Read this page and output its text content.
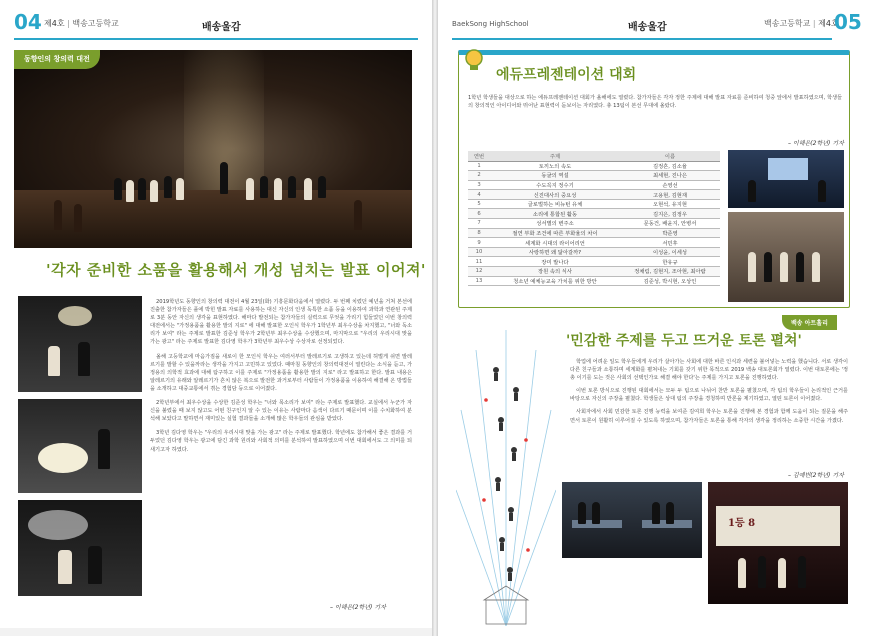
04 제4호 | 백송고등학교	배송울감
동향인의 창의력 대전
'각자 준비한 소품을 활용해서 개성 넘치는 발표 이어져'

2019학년도 동향인의 창의력 대전이 4월 23일(화) 기흥문화다움에서 열렸다. 두 번째 치렀던 예년을 거쳐 본선에 진출한 참가자들은 플에 박힌 발표 자료를 사용하는 대신 자신의 인생 독특한 소품 등을 이용하여 과학과 연관된 주제로 3분 동안 자신의 생각을 표현하였다. 해마다 발전되는 참가자들의 실력으로 무엇을 가리기 힘들었던 이번 창의력 대전에서는 "가정용품을 활용한 발의 지로" 에 대해 발표한 오인식 학우가 1학년부 최우수상을 차지했고, "너와 독소리가 보여" 라는 주제로 발표한 김준성 학우가 2학년부 최우수상을 수상했으며, 마지막으로 "우리의 우리시대 맞을 가는 광고" 라는 주제로 발표한 김다영 학우가 3학년부 최우수상 수상자로 선정되었다.

올해 고등학교에 마음가짐을 새로이 한 모인식 학우는 여러서부터 발레르기로 고생하고 있는데 허벌게 쉬면 발레르기를 발할 수 있을까라는 생각을 가지고 고민하고 있었다. 때마침 동향인의 창의력대전이 열린다는 소식을 듣고, 가정용의 의학적 효과에 대해 탐구하고 이를 주제로 "가정용품을 활용한 발의 지로" 라고 발표하고 한다. 발표 내용은 알레르기의 유래와 알레르기가 흔치 않은 복으로 발전한 과거로부터 사람들이 가정용품을 이용하여 해결해 온 방법들을 소개하고 대중교통에서 겪는 경험담 등으로 이어졌다.

2학년부에서 최우수상을 수상한 김준성 학우는 "너와 목소리가 보여" 라는 주제로 발표했다. 교실에서 누군가 자신을 불렀을 때 보지 않고도 어떤 친구인지 알 수 있는 이유는 사람마다 음색이 다르기 때문이며 이를 수치화하여 분석해 보았다고 말하면서 재미있는 실험 결과들을 소개해 많은 학우들의 관심을 받았다.

3학년 김다영 학우는 "우리의 우리시대 맞을 가는 광고" 라는 주제로 발표했다. 학년에도 참가해서 좋은 결과를 거두었던 김다영 학우는 광고에 담긴 과학 원리와 사회적 의미를 분석하여 발표하였으며 이번 대회에서도 그 의미를 되새기고자 하였다.

– 이해은(2학년) 기자
BaekSong HighSchool	배송울감	백송고등학교 | 제4호
05
에듀프레젠테이션 대회
1학년 학생들을 대상으로 하는 에듀프레젠테이션 대회가 올해에도 열렸다. 참가자들은 각자 정한 주제에 대해 발표 자료를 준비하여 청중 앞에서 발표하였으며, 학생들의 창의적인 아이디어와 뛰어난 표현력이 돋보이는 자리였다. 총 13팀이 본선 무대에 올랐다.
– 이해은(2학년) 기자
연번	주제	이름
1	토끼노의 속도	김정흔, 김소율
2	동굴의 역설	최세현, 진나은
3	수도꼭지 정수기	손영선
4	신진대사의 중요성	고용현, 김현재
5	글로벌하는 비뉴턴 유체	오현석, 유지현
6	소리에 통합된 활동	김지은, 김정우
7	성서별의 변주소	문동건, 배윤지, 안병서
8	절연 부화 조건에 따른 부화율의 차이	박준영
9	세계화 시대의 라이어리언	서민후
10	사랑하면 왜 닮아갈까?	이성윤, 이세성
11	장미 발나다	한유규
12	장원 속의 식사	정채림, 김현지, 조아현, 최아람
13	청소년 예체능교육 가치를 위한 방안	김준성, 박시현, 오상인
백송 아트홀리
'민감한 주제를 두고 뜨거운 토론 펼쳐'

학업에 어려운 일도 학우들에게 우리가 살아가는 사회에 대한 바른 인식과 세련을 불어넣는 노력을 했습니다. 서로 생각이 다른 친구들과 소통하며 세계화를 펼쳐내는 기회를 갖기 위한 목적으로 2019 백송 대토론회가 열렸다. 이번 대토론에는 '정총 이기를 도는 것은 사회의 선택인가요 해결 해야 한다'는 주제를 가지고 토론을 진행하였다.

이번 토론 방식으로 진행된 대회에서는 모두 두 팀으로 나뉘어 찬반 토론을 펼쳤으며, 각 팀의 학우들이 논리적인 근거를 바탕으로 자신의 주장을 펼쳤다. 학생들은 상대 팀의 주장을 경청하며 반론을 제기하였고, 열띤 토론이 이어졌다.

사회자에서 사회 민감한 토론 진행 능력을 보여준 김여희 학우는 토론을 진행해 본 경험과 함께 도움이 되는 질문을 해주면서 토론이 원활히 이루어질 수 있도록 하였으며, 참가자들은 토론을 통해 각자의 생각을 정리하는 소중한 시간을 가졌다.

– 김예빈(2학년) 기자
1등 8
